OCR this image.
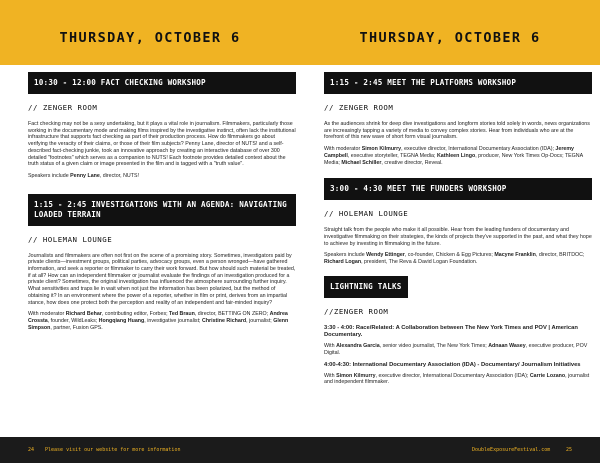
THURSDAY, OCTOBER 6	THURSDAY, OCTOBER 6
10:30 - 12:00 FACT CHECKING WORKSHOP
// ZENGER ROOM

Fact checking may not be a sexy undertaking, but it plays a vital role in journalism. Filmmakers, particularly those working in the documentary mode and making films inspired by the investigative instinct, often lack the institutional infrastructure that supports fact checking as part of their production process. How do filmmakers go about verifying the veracity of their claims, or those of their film subjects? Penny Lane, director of NUTS! and a self-described fact-checking junkie, took an innovative approach by creating an interactive database of over 300 detailed "footnotes" which serves as a companion to NUTS! Each footnote provides detailed context about the truth status of a given claim or image presented in the film and is tagged with a "truth value".

Speakers include Penny Lane, director, NUTS!

1:15 - 2:45 INVESTIGATIONS WITH AN AGENDA: NAVIGATING LOADED TERRAIN
// HOLEMAN LOUNGE

Journalists and filmmakers are often not first on the scene of a promising story. Sometimes, investigators paid by private clients—investment groups, political parties, advocacy groups, even a person wronged—have gathered information, and seek a reporter or filmmaker to carry their work forward. But how should such material be treated, if at all? How can an independent filmmaker or journalist evaluate the findings of an investigation produced for a private client? Sometimes, the original investigation has influenced the atmosphere surrounding further inquiry. What sensitivities and traps lie in wait when not just the information has been polarized, but the method of obtaining it? In an environment where the power of a reporter, whether in film or print, derives from an impartial stance, how does one protect both the perception and reality of an independent and fair-minded inquiry?

With moderator Richard Behar, contributing editor, Forbes; Ted Braun, director, BETTING ON ZERO; Andrea Crossta, founder, WildLeaks; Hongqiang Huang, investigative journalist; Christine Richard, journalist; Glenn Simpson, partner, Fusion GPS.

1:15 - 2:45 MEET THE PLATFORMS WORKSHOP
// ZENGER ROOM

As the audiences shrink for deep dive investigations and longform stories told solely in words, news organizations are increasingly tapping a variety of media to convey complex stories. Hear from individuals who are at the forefront of this new wave of short form visual journalism.

With moderator Simon Kilmurry, executive director, International Documentary Association (IDA); Jeremy Campbell, executive storyteller, TEGNA Media; Kathleen Lingo, producer, New York Times Op-Docs; TEGNA Media; Michael Schiller, creative director, Reveal.

3:00 - 4:30 MEET THE FUNDERS WORKSHOP
// HOLEMAN LOUNGE

Straight talk from the people who make it all possible. Hear from the leading funders of documentary and investigative filmmaking on their strategies, the kinds of projects they've supported in the past, and what they hope to achieve by investing in filmmaking in the future.

Speakers include Wendy Ettinger, co-founder, Chicken & Egg Pictures; Macyne Franklin, director, BRITDOC; Richard Logan, president, The Reva & David Logan Foundation.

LIGHTNING TALKS
//ZENGER ROOM
3:30 - 4:00: Race/Related: A Collaboration between The New York Times and POV | American Documentary.

With Alexandra Garcia, senior video journalist, The New York Times; Adnaan Wasey, executive producer, POV Digital.

4:00-4:30: International Documentary Association (IDA) - Documentary/ Journalism Initiatives

With Simon Kilmurry, executive director, International Documentary Association (IDA); Carrie Lozano, journalist and independent filmmaker.

24 Please visit our website for more information	DoubleExposureFestival.com	25
